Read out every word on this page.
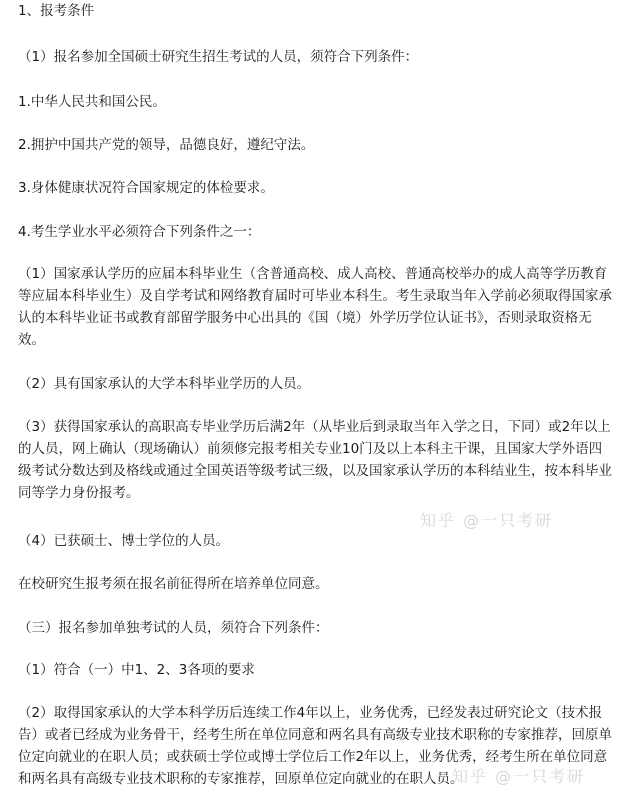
1、报考条件

（1）报名参加全国硕士研究生招生考试的人员，须符合下列条件：

1.中华人民共和国公民。

2.拥护中国共产党的领导，品德良好，遵纪守法。

3.身体健康状况符合国家规定的体检要求。

4.考生学业水平必须符合下列条件之一：

（1）国家承认学历的应届本科毕业生（含普通高校、成人高校、普通高校举办的成人高等学历教育等应届本科毕业生）及自学考试和网络教育届时可毕业本科生。考生录取当年入学前必须取得国家承认的本科毕业证书或教育部留学服务中心出具的《国（境）外学历学位认证书》，否则录取资格无效。

（2）具有国家承认的大学本科毕业学历的人员。

（3）获得国家承认的高职高专毕业学历后满2年（从毕业后到录取当年入学之日，下同）或2年以上的人员，网上确认（现场确认）前须修完报考相关专业10门及以上本科主干课，且国家大学外语四级考试分数达到及格线或通过全国英语等级考试三级，以及国家承认学历的本科结业生，按本科毕业同等学力身份报考。

（4）已获硕士、博士学位的人员。

在校研究生报考须在报名前征得所在培养单位同意。

（三）报名参加单独考试的人员，须符合下列条件：

（1）符合（一）中1、2、3各项的要求

（2）取得国家承认的大学本科学历后连续工作4年以上，业务优秀，已经发表过研究论文（技术报告）或者已经成为业务骨干，经考生所在单位同意和两名具有高级专业技术职称的专家推荐，回原单位定向就业的在职人员；或获硕士学位或博士学位后工作2年以上，业务优秀，经考生所在单位同意和两名具有高级专业技术职称的专家推荐，回原单位定向就业的在职人员。

知乎 @一只考研
知乎 @一只考研
